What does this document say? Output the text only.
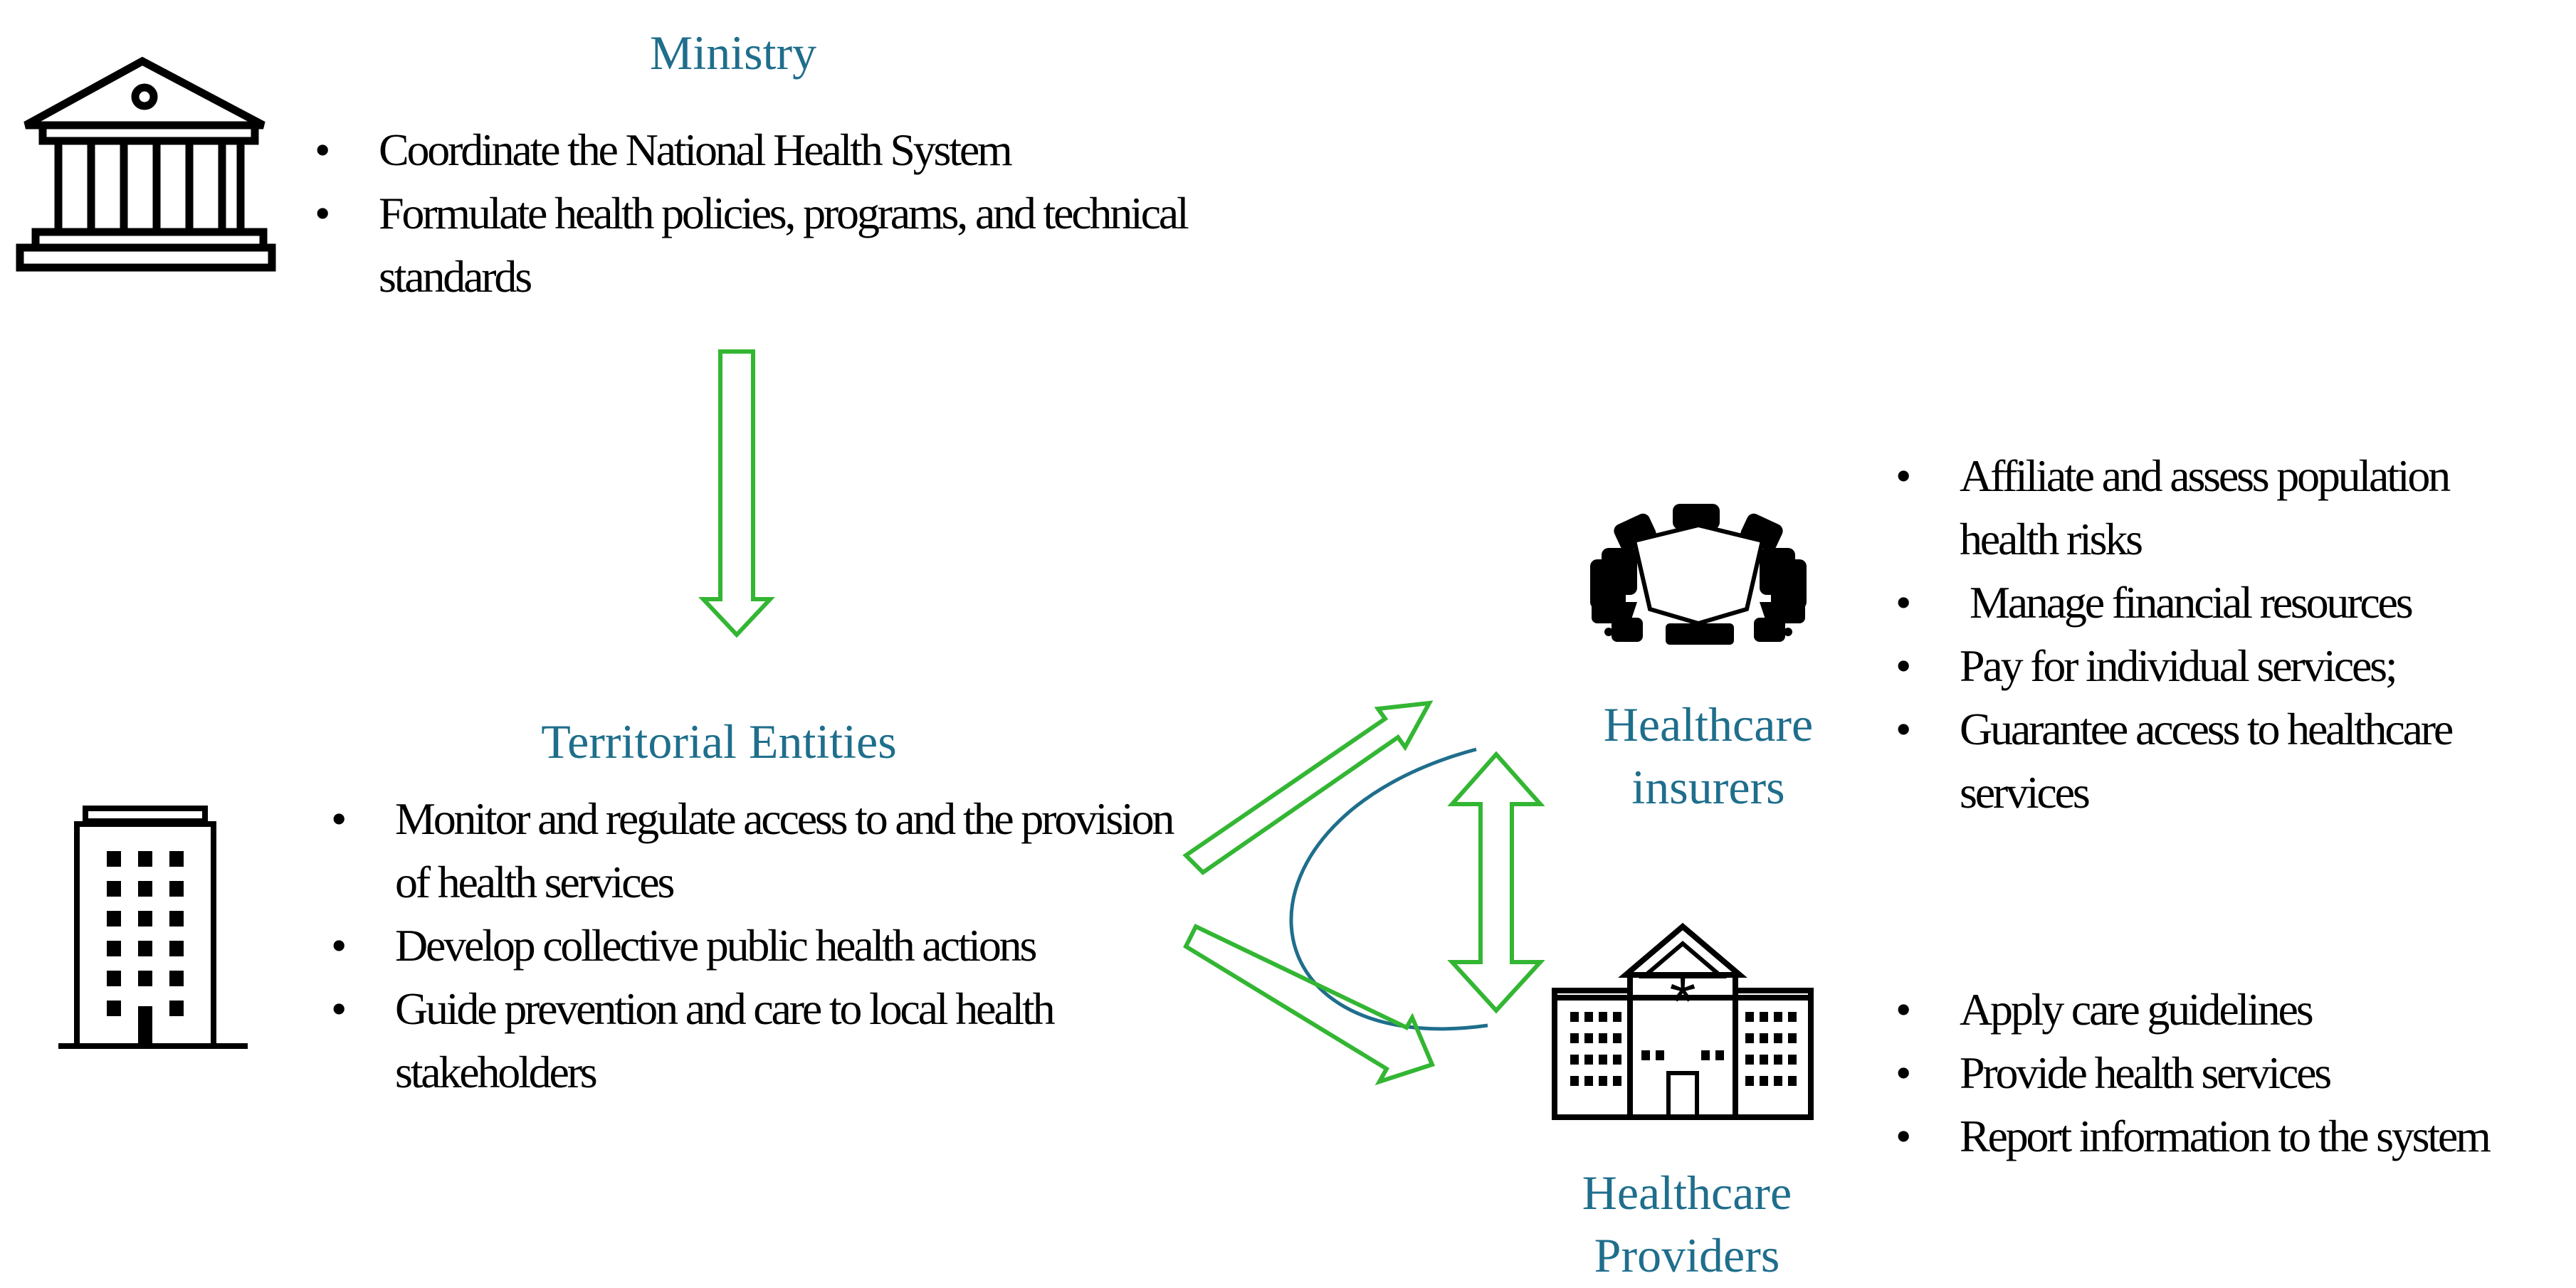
*
Ministry
• Coordinate the National Health System
• Formulate health policies, programs, and technical standards
Territorial Entities
• Monitor and regulate access to and the provision of health services
• Develop collective public health actions
• Guide prevention and care to local health stakeholders
Healthcare
insurers
• Affiliate and assess population health risks
• Manage financial resources
• Pay for individual services;
• Guarantee access to healthcare services
Healthcare
Providers
• Apply care guidelines
• Provide health services
• Report information to the system
